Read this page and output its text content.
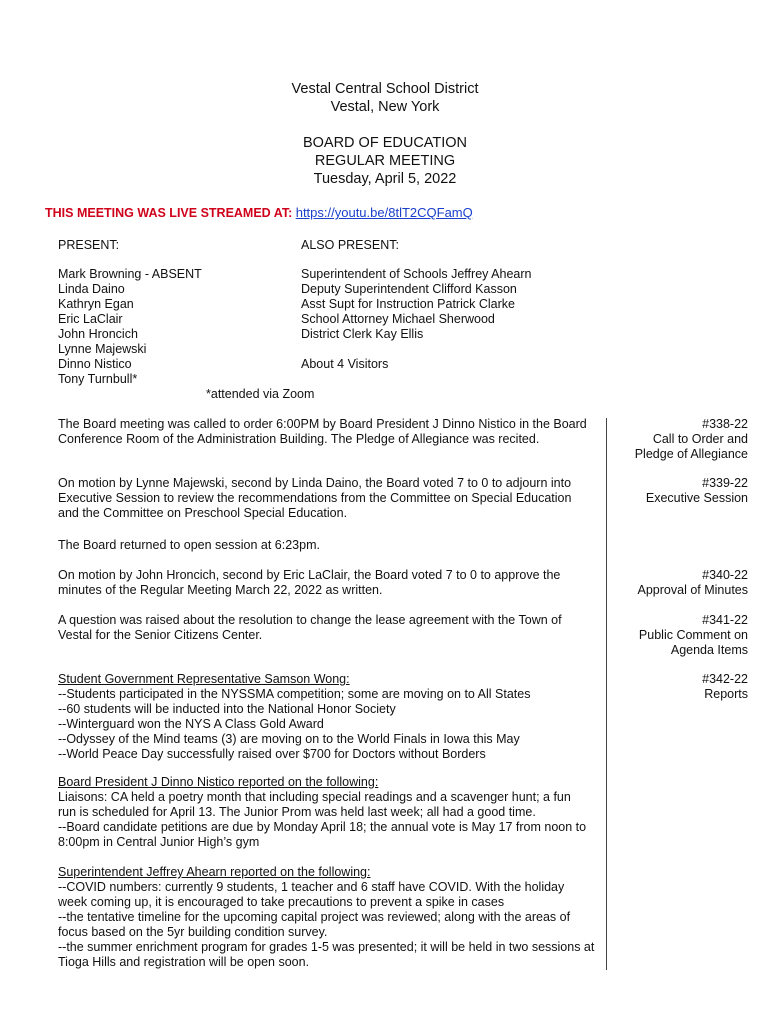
Vestal Central School District
Vestal, New York
BOARD OF EDUCATION
REGULAR MEETING
Tuesday, April 5, 2022
THIS MEETING WAS LIVE STREAMED AT: https://youtu.be/8tlT2CQFamQ
PRESENT:	ALSO PRESENT:
Mark Browning - ABSENT
Linda Daino
Kathryn Egan
Eric LaClair
John Hroncich
Lynne Majewski
Dinno Nistico
Tony Turnbull*
Superintendent of Schools Jeffrey Ahearn
Deputy Superintendent Clifford Kasson
Asst Supt for Instruction Patrick Clarke
School Attorney Michael Sherwood
District Clerk Kay Ellis
About 4 Visitors
*attended via Zoom
The Board meeting was called to order 6:00PM by Board President J Dinno Nistico in the Board
Conference Room of the Administration Building. The Pledge of Allegiance was recited.
#338-22
Call to Order and
Pledge of Allegiance
On motion by Lynne Majewski, second by Linda Daino, the Board voted 7 to 0 to adjourn into
Executive Session to review the recommendations from the Committee on Special Education
and the Committee on Preschool Special Education.
#339-22
Executive Session
The Board returned to open session at 6:23pm.
On motion by John Hroncich, second by Eric LaClair, the Board voted 7 to 0 to approve the
minutes of the Regular Meeting March 22, 2022 as written.
#340-22
Approval of Minutes
A question was raised about the resolution to change the lease agreement with the Town of
Vestal for the Senior Citizens Center.
#341-22
Public Comment on
Agenda Items
#342-22
Reports
Student Government Representative Samson Wong:
--Students participated in the NYSSMA competition; some are moving on to All States
--60 students will be inducted into the National Honor Society
--Winterguard won the NYS A Class Gold Award
--Odyssey of the Mind teams (3) are moving on to the World Finals in Iowa this May
--World Peace Day successfully raised over $700 for Doctors without Borders
Board President J Dinno Nistico reported on the following:
Liaisons: CA held a poetry month that including special readings and a scavenger hunt; a fun
run is scheduled for April 13. The Junior Prom was held last week; all had a good time.
--Board candidate petitions are due by Monday April 18; the annual vote is May 17 from noon to
8:00pm in Central Junior High’s gym
Superintendent Jeffrey Ahearn reported on the following:
--COVID numbers: currently 9 students, 1 teacher and 6 staff have COVID. With the holiday
week coming up, it is encouraged to take precautions to prevent a spike in cases
--the tentative timeline for the upcoming capital project was reviewed; along with the areas of
focus based on the 5yr building condition survey.
--the summer enrichment program for grades 1-5 was presented; it will be held in two sessions at
Tioga Hills and registration will be open soon.
